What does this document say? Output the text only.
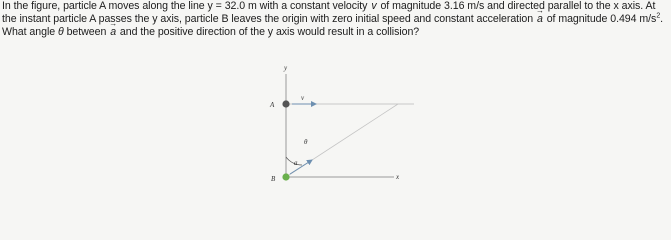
In the figure, particle A moves along the line y = 32.0 m with a constant velocity → v of magnitude 3.16 m/s and directed parallel to the x axis. At the instant particle A passes the y axis, particle B leaves the origin with zero initial speed and constant acceleration → a of magnitude 0.494 $m/s^2$. What angle θ between → a and the positive direction of the y axis would result in a collision?

y
x
A
B
v
a
θ
